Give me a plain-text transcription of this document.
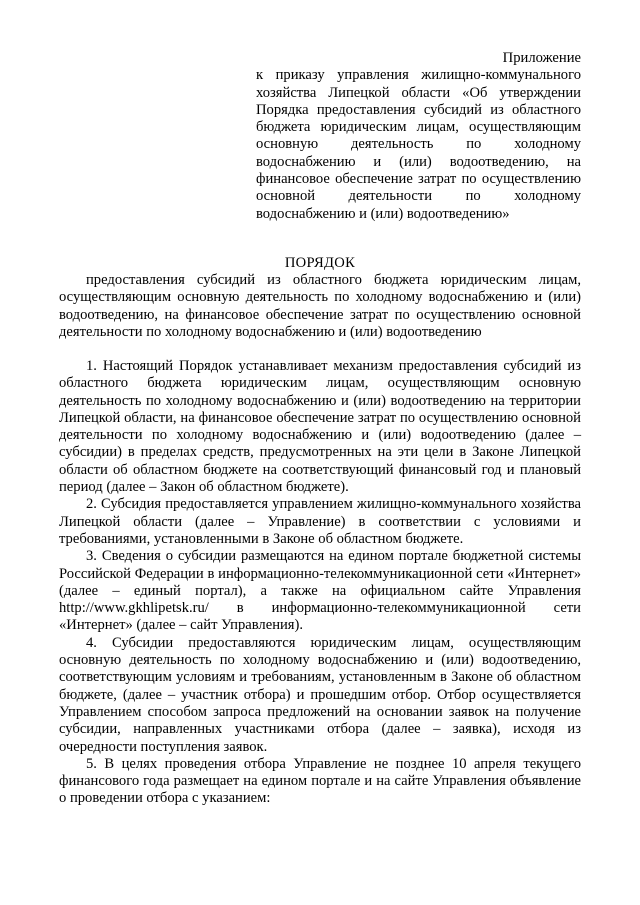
Приложение

к приказу управления жилищно-коммунального хозяйства Липецкой области «Об утверждении Порядка предоставления субсидий из областного бюджета юридическим лицам, осуществляющим основную деятельность по холодному водоснабжению и (или) водоотведению, на финансовое обеспечение затрат по осуществлению основной деятельности по холодному водоснабжению и (или) водоотведению»

ПОРЯДОК

предоставления субсидий из областного бюджета юридическим лицам, осуществляющим основную деятельность по холодному водоснабжению и (или) водоотведению, на финансовое обеспечение затрат по осуществлению основной деятельности по холодному водоснабжению и (или) водоотведению

1. Настоящий Порядок устанавливает механизм предоставления субсидий из областного бюджета юридическим лицам, осуществляющим основную деятельность по холодному водоснабжению и (или) водоотведению на территории Липецкой области, на финансовое обеспечение затрат по осуществлению основной деятельности по холодному водоснабжению и (или) водоотведению (далее – субсидии) в пределах средств, предусмотренных на эти цели в Законе Липецкой области об областном бюджете на соответствующий финансовый год и плановый период (далее – Закон об областном бюджете).

2. Субсидия предоставляется управлением жилищно-коммунального хозяйства Липецкой области (далее – Управление) в соответствии с условиями и требованиями, установленными в Законе об областном бюджете.

3. Сведения о субсидии размещаются на едином портале бюджетной системы Российской Федерации в информационно-телекоммуникационной сети «Интернет» (далее – единый портал), а также на официальном сайте Управления http://www.gkhlipetsk.ru/ в информационно-телекоммуникационной сети «Интернет» (далее – сайт Управления).

4. Субсидии предоставляются юридическим лицам, осуществляющим основную деятельность по холодному водоснабжению и (или) водоотведению, соответствующим условиям и требованиям, установленным в Законе об областном бюджете, (далее – участник отбора) и прошедшим отбор. Отбор осуществляется Управлением способом запроса предложений на основании заявок на получение субсидии, направленных участниками отбора (далее – заявка), исходя из очередности поступления заявок.

5. В целях проведения отбора Управление не позднее 10 апреля текущего финансового года размещает на едином портале и на сайте Управления объявление о проведении отбора с указанием:
